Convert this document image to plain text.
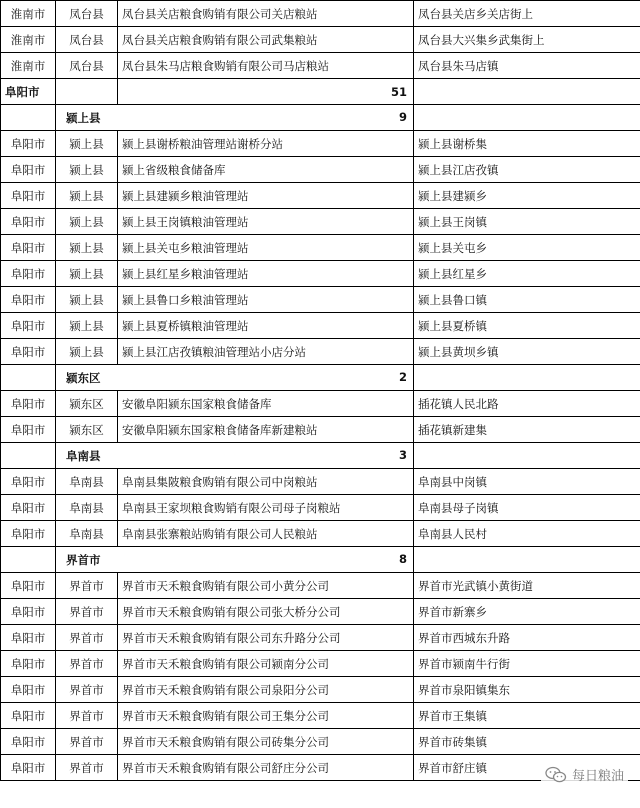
淮南市	凤台县	凤台县关店粮食购销有限公司关店粮站	凤台县关店乡关店街上
淮南市	凤台县	凤台县关店粮食购销有限公司武集粮站	凤台县大兴集乡武集街上
淮南市	凤台县	凤台县朱马店粮食购销有限公司马店粮站	凤台县朱马店镇
阜阳市		51	

	颍上县 9		

阜阳市	颍上县	颍上县谢桥粮油管理站谢桥分站	颍上县谢桥集
阜阳市	颍上县	颍上省级粮食储备库	颍上县江店孜镇
阜阳市	颍上县	颍上县建颍乡粮油管理站	颍上县建颍乡
阜阳市	颍上县	颍上县王岗镇粮油管理站	颍上县王岗镇
阜阳市	颍上县	颍上县关屯乡粮油管理站	颍上县关屯乡
阜阳市	颍上县	颍上县红星乡粮油管理站	颍上县红星乡
阜阳市	颍上县	颍上县鲁口乡粮油管理站	颍上县鲁口镇
阜阳市	颍上县	颍上县夏桥镇粮油管理站	颍上县夏桥镇
阜阳市	颍上县	颍上县江店孜镇粮油管理站小店分站	颍上县黄坝乡镇

	颍东区 2		

阜阳市	颍东区	安徽阜阳颍东国家粮食储备库	插花镇人民北路
阜阳市	颍东区	安徽阜阳颍东国家粮食储备库新建粮站	插花镇新建集

	阜南县 3		

阜阳市	阜南县	阜南县集陂粮食购销有限公司中岗粮站	阜南县中岗镇
阜阳市	阜南县	阜南县王家坝粮食购销有限公司母子岗粮站	阜南县母子岗镇
阜阳市	阜南县	阜南县张寨粮站购销有限公司人民粮站	阜南县人民村

	界首市 8		

阜阳市	界首市	界首市天禾粮食购销有限公司小黄分公司	界首市光武镇小黄街道
阜阳市	界首市	界首市天禾粮食购销有限公司张大桥分公司	界首市新寨乡
阜阳市	界首市	界首市天禾粮食购销有限公司东升路分公司	界首市西城东升路
阜阳市	界首市	界首市天禾粮食购销有限公司颍南分公司	界首市颍南牛行街
阜阳市	界首市	界首市天禾粮食购销有限公司泉阳分公司	界首市泉阳镇集东
阜阳市	界首市	界首市天禾粮食购销有限公司王集分公司	界首市王集镇
阜阳市	界首市	界首市天禾粮食购销有限公司砖集分公司	界首市砖集镇
阜阳市	界首市	界首市天禾粮食购销有限公司舒庄分公司	界首市舒庄镇
每日粮油
